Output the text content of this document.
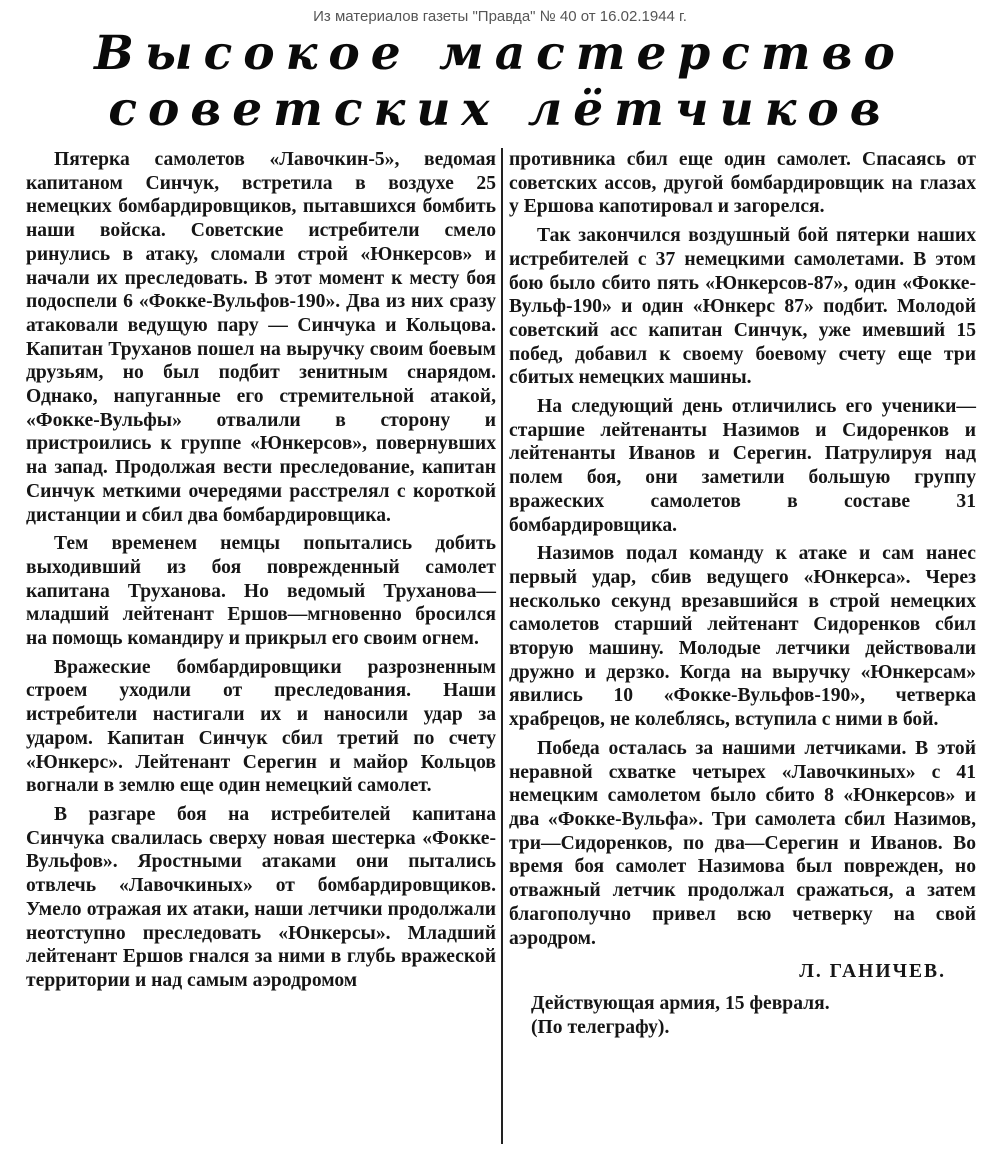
Из материалов газеты "Правда" № 40 от 16.02.1944 г.
Высокое мастерство
советских лётчиков

Пятерка самолетов «Лавочкин-5», ведомая капитаном Синчук, встретила в воздухе 25 немецких бомбардировщиков, пытавшихся бомбить наши войска. Советские истребители смело ринулись в атаку, сломали строй «Юнкерсов» и начали их преследовать. В этот момент к месту боя подоспели 6 «Фокке-Вульфов-190». Два из них сразу атаковали ведущую пару — Синчука и Кольцова. Капитан Труханов пошел на выручку своим боевым друзьям, но был подбит зенитным снарядом. Однако, напуганные его стремительной атакой, «Фокке-Вульфы» отвалили в сторону и пристроились к группе «Юнкерсов», повернувших на запад. Продолжая вести преследование, капитан Синчук меткими очередями расстрелял с короткой дистанции и сбил два бомбардировщика.

Тем временем немцы попытались добить выходивший из боя поврежденный самолет капитана Труханова. Но ведомый Труханова—младший лейтенант Ершов—мгновенно бросился на помощь командиру и прикрыл его своим огнем.

Вражеские бомбардировщики разрозненным строем уходили от преследования. Наши истребители настигали их и наносили удар за ударом. Капитан Синчук сбил третий по счету «Юнкерс». Лейтенант Серегин и майор Кольцов вогнали в землю еще один немецкий самолет.

В разгаре боя на истребителей капитана Синчука свалилась сверху новая шестерка «Фокке-Вульфов». Яростными атаками они пытались отвлечь «Лавочкиных» от бомбардировщиков. Умело отражая их атаки, наши летчики продолжали неотступно преследовать «Юнкерсы». Младший лейтенант Ершов гнался за ними в глубь вражеской территории и над самым аэродромом

противника сбил еще один самолет. Спасаясь от советских ассов, другой бомбардировщик на глазах у Ершова капотировал и загорелся.

Так закончился воздушный бой пятерки наших истребителей с 37 немецкими самолетами. В этом бою было сбито пять «Юнкерсов-87», один «Фокке-Вульф-190» и один «Юнкерс 87» подбит. Молодой советский асс капитан Синчук, уже имевший 15 побед, добавил к своему боевому счету еще три сбитых немецких машины.

На следующий день отличились его ученики—старшие лейтенанты Назимов и Сидоренков и лейтенанты Иванов и Серегин. Патрулируя над полем боя, они заметили большую группу вражеских самолетов в составе 31 бомбардировщика.

Назимов подал команду к атаке и сам нанес первый удар, сбив ведущего «Юнкерса». Через несколько секунд врезавшийся в строй немецких самолетов старший лейтенант Сидоренков сбил вторую машину. Молодые летчики действовали дружно и дерзко. Когда на выручку «Юнкерсам» явились 10 «Фокке-Вульфов-190», четверка храбрецов, не колеблясь, вступила с ними в бой.

Победа осталась за нашими летчиками. В этой неравной схватке четырех «Лавочкиных» с 41 немецким самолетом было сбито 8 «Юнкерсов» и два «Фокке-Вульфа». Три самолета сбил Назимов, три—Сидоренков, по два—Серегин и Иванов. Во время боя самолет Назимова был поврежден, но отважный летчик продолжал сражаться, а затем благополучно привел всю четверку на свой аэродром.

Л. ГАНИЧЕВ.
Действующая армия, 15 февраля.
(По телеграфу).
